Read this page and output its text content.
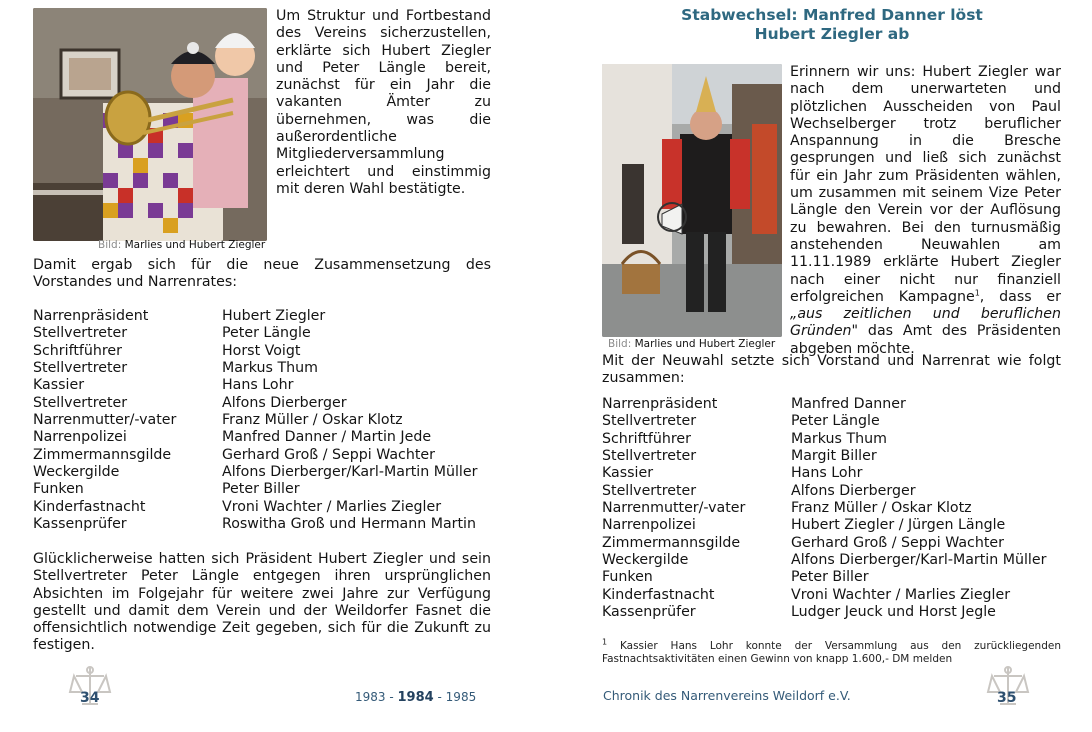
Bild: Marlies und Hubert Ziegler

Um Struktur und Fortbestand des Vereins sicherzustellen, erklärte sich Hubert Ziegler und Peter Längle bereit, zunächst für ein Jahr die vakanten Ämter zu übernehmen, was die außerordentliche Mitgliederversammlung erleichtert und einstimmig mit deren Wahl bestätigte.

Damit ergab sich für die neue Zusammensetzung des Vorstandes und Narrenrates:

Narrenpräsident	Hubert Ziegler
Stellvertreter	Peter Längle
Schriftführer	Horst Voigt
Stellvertreter	Markus Thum
Kassier	Hans Lohr
Stellvertreter	Alfons Dierberger
Narrenmutter/-vater	Franz Müller / Oskar Klotz
Narrenpolizei	Manfred Danner / Martin Jede
Zimmermannsgilde	Gerhard Groß / Seppi Wachter
Weckergilde	Alfons Dierberger/Karl-Martin Müller
Funken	Peter Biller
Kinderfastnacht	Vroni Wachter / Marlies Ziegler
Kassenprüfer	Roswitha Groß und Hermann Martin

Glücklicherweise hatten sich Präsident Hubert Ziegler und sein Stellvertreter Peter Längle entgegen ihren ursprünglichen Absichten im Folgejahr für weitere zwei Jahre zur Verfügung gestellt und damit dem Verein und der Weildorfer Fasnet die offensichtlich notwendige Zeit gegeben, sich für die Zukunft zu festigen.

34	1983 - 1984 - 1985
Stabwechsel: Manfred Danner löst
Hubert Ziegler ab
Bild: Marlies und Hubert Ziegler

Erinnern wir uns: Hubert Ziegler war nach dem unerwarteten und plötzlichen Ausscheiden von Paul Wechselberger trotz beruflicher Anspannung in die Bresche gesprungen und ließ sich zunächst für ein Jahr zum Präsidenten wählen, um zusammen mit seinem Vize Peter Längle den Verein vor der Auflösung zu bewahren. Bei den turnusmäßig anstehenden Neuwahlen am 11.11.1989 erklärte Hubert Ziegler nach einer nicht nur finanziell erfolgreichen Kampagne$^1$, dass er „aus zeitlichen und beruflichen Gründen" das Amt des Präsidenten abgeben möchte.

Mit der Neuwahl setzte sich Vorstand und Narrenrat wie folgt zusammen:

Narrenpräsident	Manfred Danner
Stellvertreter	Peter Längle
Schriftführer	Markus Thum
Stellvertreter	Margit Biller
Kassier	Hans Lohr
Stellvertreter	Alfons Dierberger
Narrenmutter/-vater	Franz Müller / Oskar Klotz
Narrenpolizei	Hubert Ziegler / Jürgen Längle
Zimmermannsgilde	Gerhard Groß / Seppi Wachter
Weckergilde	Alfons Dierberger/Karl-Martin Müller
Funken	Peter Biller
Kinderfastnacht	Vroni Wachter / Marlies Ziegler
Kassenprüfer	Ludger Jeuck und Horst Jegle
$^1$ Kassier Hans Lohr konnte der Versammlung aus den zurückliegenden Fastnachtsaktivitäten einen Gewinn von knapp 1.600,- DM melden
Chronik des Narrenvereins Weildorf e.V.	35
